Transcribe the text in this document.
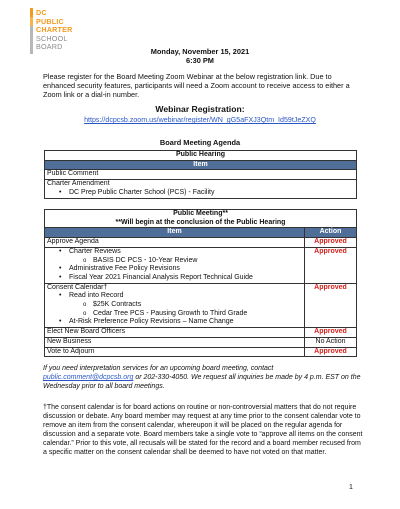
DC
PUBLIC
CHARTER
SCHOOL
BOARD
Monday, November 15, 2021
6:30 PM
Please register for the Board Meeting Zoom Webinar at the below registration link. Due to enhanced security features, participants will need a Zoom account to receive access to either a Zoom link or a dial-in number.
Webinar Registration:
https://dcpcsb.zoom.us/webinar/register/WN_gG5aFXJ3Qtm_Id59tJeZXQ
Board Meeting Agenda
Public Hearing
Item
Public Comment

Charter Amendment
• DC Prep Public Charter School (PCS) - Facility
Public Meeting**
**Will begin at the conclusion of the Public Hearing	

Item	Action
Approve Agenda	Approved

• Charter Reviews
o BASIS DC PCS - 10-Year Review
• Administrative Fee Policy Revisions
• Fiscal Year 2021 Financial Analysis Report Technical Guide	Approved

Consent Calendar†
• Read into Record
o $25K Contracts
o Cedar Tree PCS - Pausing Growth to Third Grade
• At-Risk Preference Policy Revisions – Name Change	Approved
Elect New Board Officers	Approved
New Business	No Action
Vote to Adjourn	Approved
If you need interpretation services for an upcoming board meeting, contact public.comment@dcpcsb.org or 202-330-4050. We request all inquiries be made by 4 p.m. EST on the Wednesday prior to all board meetings.
†The consent calendar is for board actions on routine or non-controversial matters that do not require discussion or debate. Any board member may request at any time prior to the consent calendar vote to remove an item from the consent calendar, whereupon it will be placed on the regular agenda for discussion and a separate vote. Board members take a single vote to “approve all items on the consent calendar.” Prior to this vote, all recusals will be stated for the record and a board member recused from a specific matter on the consent calendar shall be deemed to have not voted on that matter.
1
